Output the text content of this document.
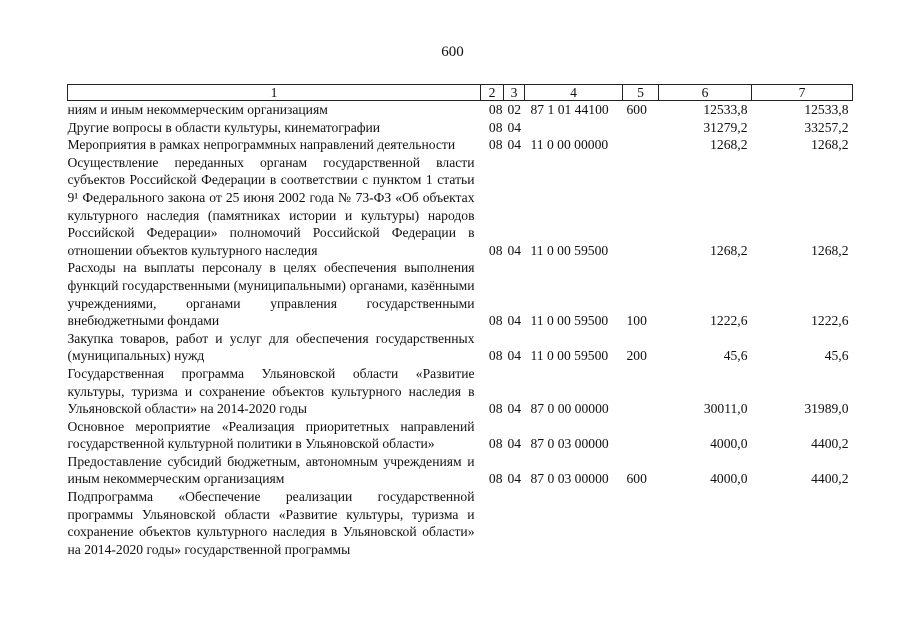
600
1	2	3	4	5	6	7
ниям и иным некоммерческим организациям	08	02	87 1 01 44100	600	12533,8	12533,8
Другие вопросы в области культуры, кинематографии	08	04			31279,2	33257,2
Мероприятия в рамках непрограммных направлений деятельности	08	04	11 0 00 00000		1268,2	1268,2
Осуществление переданных органам государственной власти субъектов Российской Федерации в соответствии с пунктом 1 статьи 9¹ Федерального закона от 25 июня 2002 года № 73-ФЗ «Об объектах культурного наследия (памятниках истории и культуры) народов Российской Федерации» полномочий Российской Федерации в отношении объектов культурного наследия	08	04	11 0 00 59500		1268,2	1268,2
Расходы на выплаты персоналу в целях обеспечения выполнения функций государственными (муниципальными) органами, казёнными учреждениями, органами управления государственными внебюджетными фондами	08	04	11 0 00 59500	100	1222,6	1222,6
Закупка товаров, работ и услуг для обеспечения государственных (муниципальных) нужд	08	04	11 0 00 59500	200	45,6	45,6
Государственная программа Ульяновской области «Развитие культуры, туризма и сохранение объектов культурного наследия в Ульяновской области» на 2014-2020 годы	08	04	87 0 00 00000		30011,0	31989,0
Основное мероприятие «Реализация приоритетных направлений государственной культурной политики в Ульяновской области»	08	04	87 0 03 00000		4000,0	4400,2
Предоставление субсидий бюджетным, автономным учреждениям и иным некоммерческим организациям	08	04	87 0 03 00000	600	4000,0	4400,2
Подпрограмма «Обеспечение реализации государственной программы Ульяновской области «Развитие культуры, туризма и сохранение объектов культурного наследия в Ульяновской области» на 2014-2020 годы» государственной программы						
